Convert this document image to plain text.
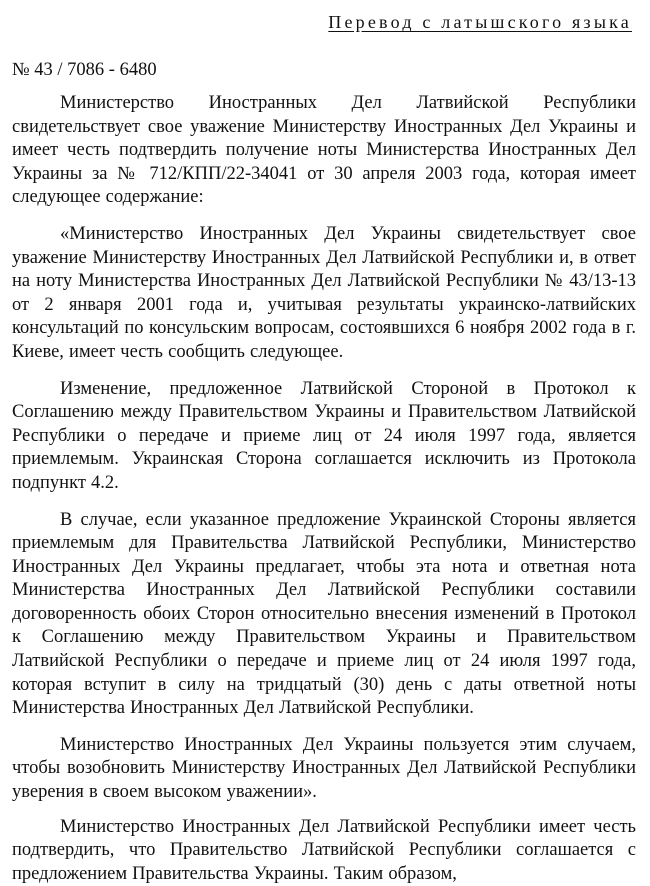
Перевод с латышского языка
№ 43 / 7086 - 6480

Министерство Иностранных Дел Латвийской Республики свидетельствует свое уважение Министерству Иностранных Дел Украины и имеет честь подтвердить получение ноты Министерства Иностранных Дел Украины за № 712/КПП/22-34041 от 30 апреля 2003 года, которая имеет следующее содержание:

«Министерство Иностранных Дел Украины свидетельствует свое уважение Министерству Иностранных Дел Латвийской Республики и, в ответ на ноту Министерства Иностранных Дел Латвийской Республики № 43/13-13 от 2 января 2001 года и, учитывая результаты украинско-латвийских консультаций по консульским вопросам, состоявшихся 6 ноября 2002 года в г. Киеве, имеет честь сообщить следующее.

Изменение, предложенное Латвийской Стороной в Протокол к Соглашению между Правительством Украины и Правительством Латвийской Республики о передаче и приеме лиц от 24 июля 1997 года, является приемлемым. Украинская Сторона соглашается исключить из Протокола подпункт 4.2.

В случае, если указанное предложение Украинской Стороны является приемлемым для Правительства Латвийской Республики, Министерство Иностранных Дел Украины предлагает, чтобы эта нота и ответная нота Министерства Иностранных Дел Латвийской Республики составили договоренность обоих Сторон относительно внесения изменений в Протокол к Соглашению между Правительством Украины и Правительством Латвийской Республики о передаче и приеме лиц от 24 июля 1997 года, которая вступит в силу на тридцатый (30) день с даты ответной ноты Министерства Иностранных Дел Латвийской Республики.

Министерство Иностранных Дел Украины пользуется этим случаем, чтобы возобновить Министерству Иностранных Дел Латвийской Республики уверения в своем высоком уважении».

Министерство Иностранных Дел Латвийской Республики имеет честь подтвердить, что Правительство Латвийской Республики соглашается с предложением Правительства Украины. Таким образом,
